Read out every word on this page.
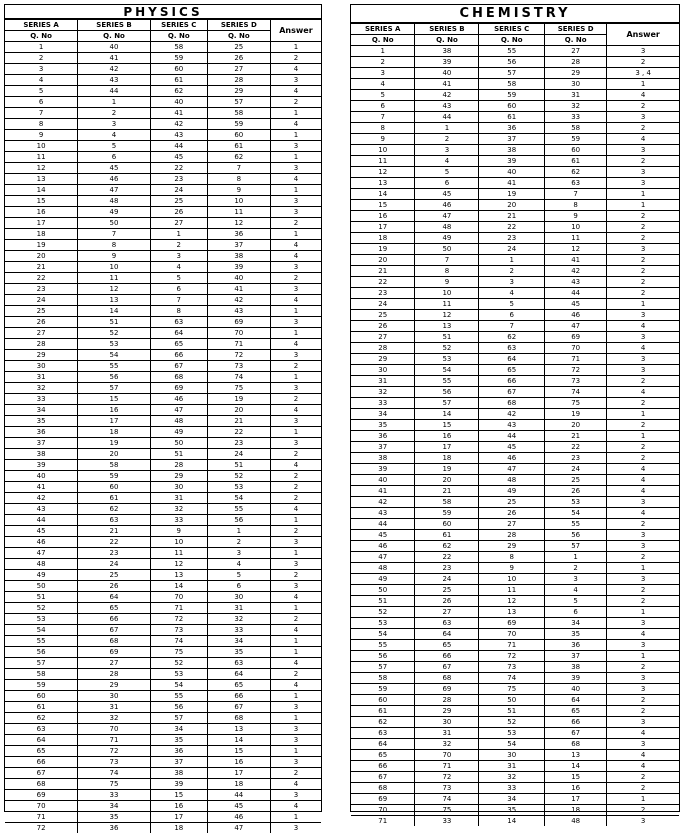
PHYSICS
SERIES A	SERIES B	SERIES C	SERIES D	Answer
Q. No	Q. No	Q. No	Q. No	
1	40	58	25	1
2	41	59	26	2
3	42	60	27	4
4	43	61	28	3
5	44	62	29	4
6	1	40	57	2
7	2	41	58	1
8	3	42	59	4
9	4	43	60	1
10	5	44	61	3
11	6	45	62	1
12	45	22	7	3
13	46	23	8	4
14	47	24	9	1
15	48	25	10	3
16	49	26	11	3
17	50	27	12	2
18	7	1	36	1
19	8	2	37	4
20	9	3	38	4
21	10	4	39	3
22	11	5	40	2
23	12	6	41	3
24	13	7	42	4
25	14	8	43	1
26	51	63	69	3
27	52	64	70	1
28	53	65	71	4
29	54	66	72	3
30	55	67	73	2
31	56	68	74	1
32	57	69	75	3
33	15	46	19	2
34	16	47	20	4
35	17	48	21	3
36	18	49	22	1
37	19	50	23	3
38	20	51	24	2
39	58	28	51	4
40	59	29	52	2
41	60	30	53	2
42	61	31	54	2
43	62	32	55	4
44	63	33	56	1
45	21	9	1	2
46	22	10	2	3
47	23	11	3	1
48	24	12	4	3
49	25	13	5	2
50	26	14	6	3
51	64	70	30	4
52	65	71	31	1
53	66	72	32	2
54	67	73	33	4
55	68	74	34	1
56	69	75	35	1
57	27	52	63	4
58	28	53	64	2
59	29	54	65	4
60	30	55	66	1
61	31	56	67	3
62	32	57	68	1
63	70	34	13	3
64	71	35	14	3
65	72	36	15	1
66	73	37	16	3
67	74	38	17	2
68	75	39	18	4
69	33	15	44	3
70	34	16	45	4
71	35	17	46	1
72	36	18	47	3
CHEMISTRY
SERIES A	SERIES B	SERIES C	SERIES D	Answer
Q. No	Q. No	Q. No	Q. No	
1	38	55	27	3
2	39	56	28	2
3	40	57	29	3 , 4
4	41	58	30	1
5	42	59	31	4
6	43	60	32	2
7	44	61	33	3
8	1	36	58	2
9	2	37	59	4
10	3	38	60	3
11	4	39	61	2
12	5	40	62	3
13	6	41	63	3
14	45	19	7	1
15	46	20	8	1
16	47	21	9	2
17	48	22	10	2
18	49	23	11	2
19	50	24	12	3
20	7	1	41	2
21	8	2	42	2
22	9	3	43	2
23	10	4	44	2
24	11	5	45	1
25	12	6	46	3
26	13	7	47	4
27	51	62	69	3
28	52	63	70	4
29	53	64	71	3
30	54	65	72	3
31	55	66	73	2
32	56	67	74	4
33	57	68	75	2
34	14	42	19	1
35	15	43	20	2
36	16	44	21	1
37	17	45	22	2
38	18	46	23	2
39	19	47	24	4
40	20	48	25	4
41	21	49	26	4
42	58	25	53	3
43	59	26	54	4
44	60	27	55	2
45	61	28	56	3
46	62	29	57	3
47	22	8	1	2
48	23	9	2	1
49	24	10	3	3
50	25	11	4	2
51	26	12	5	2
52	27	13	6	1
53	63	69	34	3
54	64	70	35	4
55	65	71	36	3
56	66	72	37	1
57	67	73	38	2
58	68	74	39	3
59	69	75	40	3
60	28	50	64	2
61	29	51	65	2
62	30	52	66	3
63	31	53	67	4
64	32	54	68	3
65	70	30	13	4
66	71	31	14	4
67	72	32	15	2
68	73	33	16	2
69	74	34	17	1
70	75	35	18	2
71	33	14	48	3
